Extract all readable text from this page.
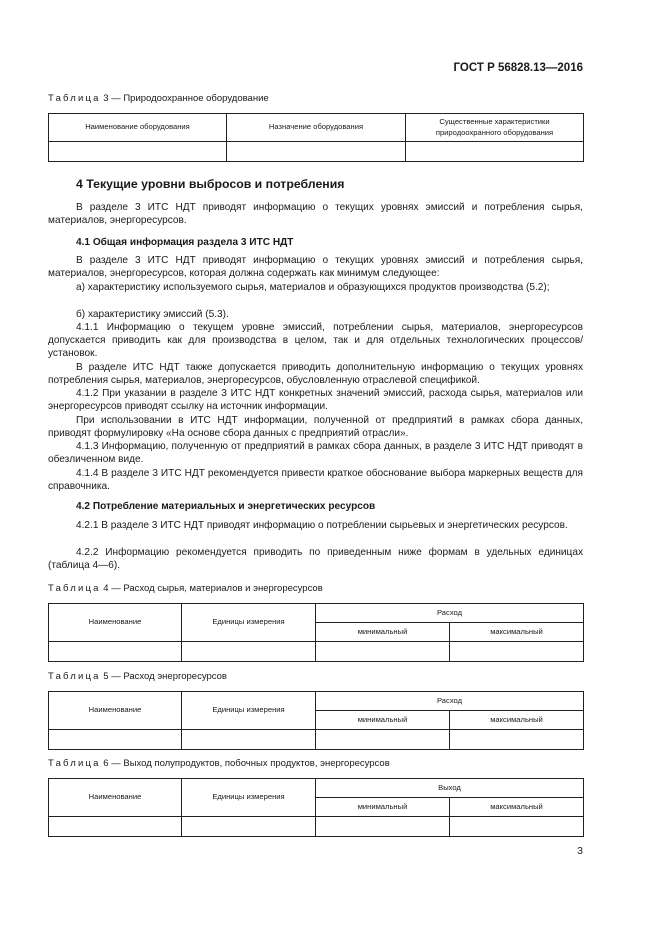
ГОСТ Р 56828.13—2016
Таблица 3 — Природоохранное оборудование
Наименование оборудования	Назначение оборудования	Существенные характеристики природоохранного оборудования

4 Текущие уровни выбросов и потребления
В разделе 3 ИТС НДТ приводят информацию о текущих уровнях эмиссий и потребления сырья, материалов, энергоресурсов.
4.1 Общая информация раздела 3 ИТС НДТ
В разделе 3 ИТС НДТ приводят информацию о текущих уровнях эмиссий и потребления сырья, материалов, энергоресурсов, которая должна содержать как минимум следующее:
а) характеристику используемого сырья, материалов и образующихся продуктов производства (5.2);
б) характеристику эмиссий (5.3).
4.1.1 Информацию о текущем уровне эмиссий, потреблении сырья, материалов, энергоресурсов допускается приводить как для производства в целом, так и для отдельных технологических процессов/установок.
В разделе ИТС НДТ также допускается приводить дополнительную информацию о текущих уровнях потребления сырья, материалов, энергоресурсов, обусловленную отраслевой спецификой.
4.1.2 При указании в разделе 3 ИТС НДТ конкретных значений эмиссий, расхода сырья, материалов или энергоресурсов приводят ссылку на источник информации.
При использовании в ИТС НДТ информации, полученной от предприятий в рамках сбора данных, приводят формулировку «На основе сбора данных с предприятий отрасли».
4.1.3 Информацию, полученную от предприятий в рамках сбора данных, в разделе 3 ИТС НДТ приводят в обезличенном виде.
4.1.4 В разделе 3 ИТС НДТ рекомендуется привести краткое обоснование выбора маркерных веществ для справочника.
4.2 Потребление материальных и энергетических ресурсов
4.2.1 В разделе 3 ИТС НДТ приводят информацию о потреблении сырьевых и энергетических ресурсов.
4.2.2 Информацию рекомендуется приводить по приведенным ниже формам в удельных единицах (таблица 4—6).
Таблица 4 — Расход сырья, материалов и энергоресурсов
Наименование	Единицы измерения	Расход	
		минимальный	максимальный

Таблица 5 — Расход энергоресурсов
Наименование	Единицы измерения	Расход	
		минимальный	максимальный

Таблица 6 — Выход полупродуктов, побочных продуктов, энергоресурсов
Наименование	Единицы измерения	Выход	
		минимальный	максимальный

3
